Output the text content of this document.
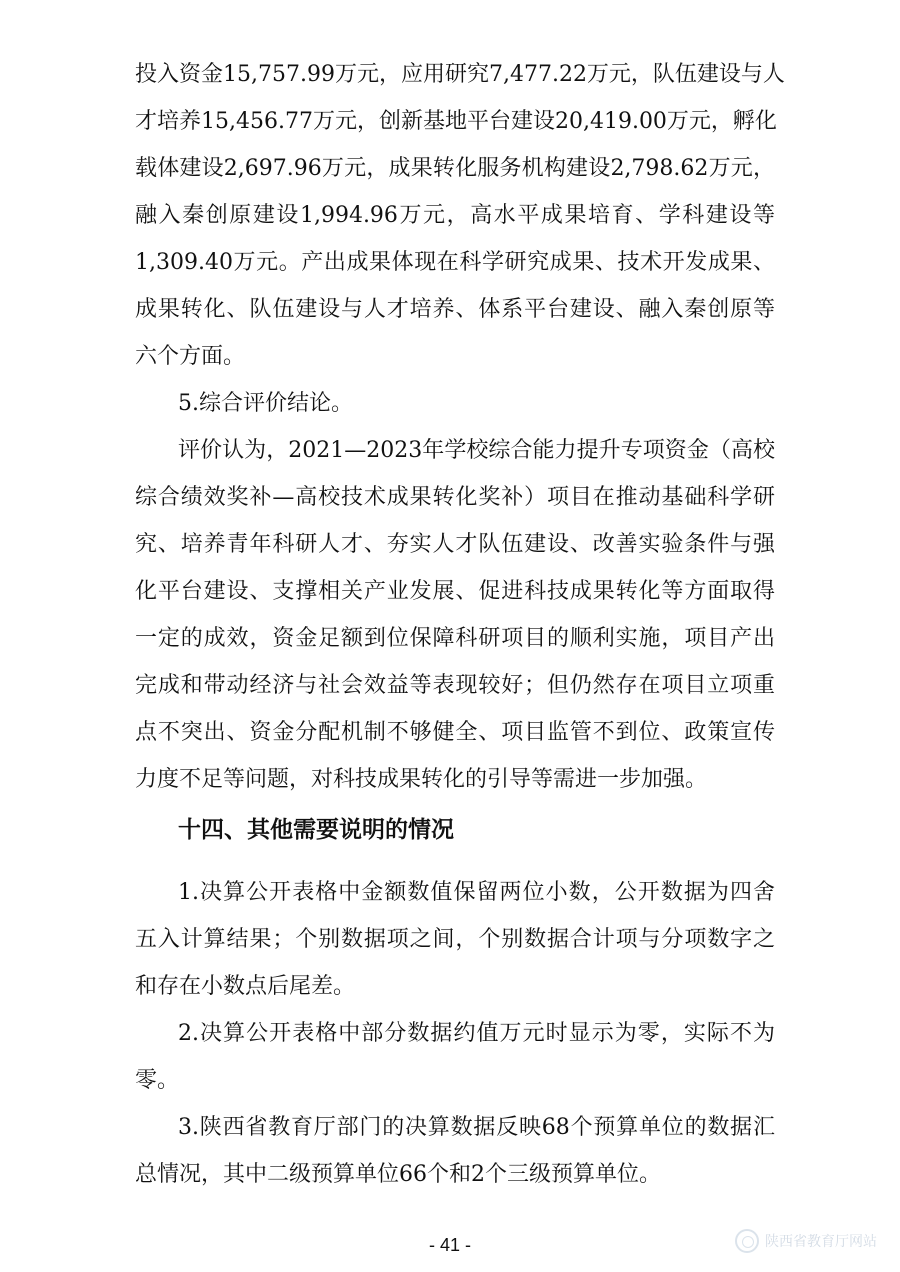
投入资金15,757.99万元，应用研究7,477.22万元，队伍建设与人
才培养15,456.77万元，创新基地平台建设20,419.00万元，孵化
载体建设2,697.96万元，成果转化服务机构建设2,798.62万元，
融入秦创原建设1,994.96万元，高水平成果培育、学科建设等
1,309.40万元。产出成果体现在科学研究成果、技术开发成果、
成果转化、队伍建设与人才培养、体系平台建设、融入秦创原等
六个方面。
5.综合评价结论。
评价认为，2021—2023年学校综合能力提升专项资金（高校
综合绩效奖补—高校技术成果转化奖补）项目在推动基础科学研
究、培养青年科研人才、夯实人才队伍建设、改善实验条件与强
化平台建设、支撑相关产业发展、促进科技成果转化等方面取得
一定的成效，资金足额到位保障科研项目的顺利实施，项目产出
完成和带动经济与社会效益等表现较好；但仍然存在项目立项重
点不突出、资金分配机制不够健全、项目监管不到位、政策宣传
力度不足等问题，对科技成果转化的引导等需进一步加强。
十四、其他需要说明的情况
1.决算公开表格中金额数值保留两位小数，公开数据为四舍
五入计算结果；个别数据项之间，个别数据合计项与分项数字之
和存在小数点后尾差。
2.决算公开表格中部分数据约值万元时显示为零，实际不为
零。
3.陕西省教育厅部门的决算数据反映68个预算单位的数据汇
总情况，其中二级预算单位66个和2个三级预算单位。
- 41 -	陕西省教育厅网站
